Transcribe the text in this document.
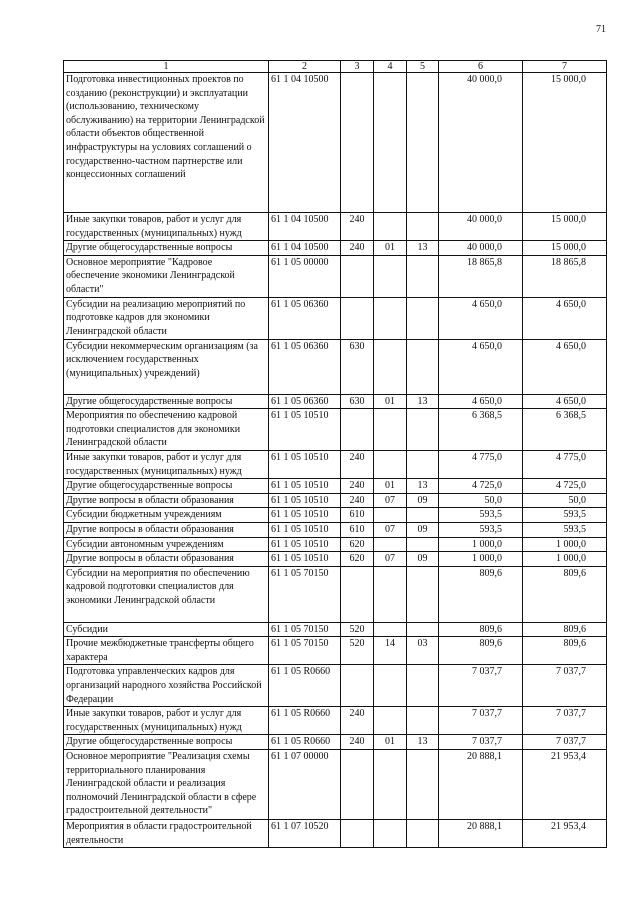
71
1	2	3	4	5	6	7
Подготовка инвестиционных проектов по созданию (реконструкции) и эксплуатации (использованию, техническому обслуживанию) на территории Ленинградской области объектов общественной инфраструктуры на условиях соглашений о государственно-частном партнерстве или концессионных соглашений	61 1 04 10500				40 000,0	15 000,0
Иные закупки товаров, работ и услуг для государственных (муниципальных) нужд	61 1 04 10500	240			40 000,0	15 000,0
Другие общегосударственные вопросы	61 1 04 10500	240	01	13	40 000,0	15 000,0
Основное мероприятие "Кадровое обеспечение экономики Ленинградской области"	61 1 05 00000				18 865,8	18 865,8
Субсидии на реализацию мероприятий по подготовке кадров для экономики Ленинградской области	61 1 05 06360				4 650,0	4 650,0
Субсидии некоммерческим организациям (за исключением государственных (муниципальных) учреждений)	61 1 05 06360	630			4 650,0	4 650,0
Другие общегосударственные вопросы	61 1 05 06360	630	01	13	4 650,0	4 650,0
Мероприятия по обеспечению кадровой подготовки специалистов для экономики Ленинградской области	61 1 05 10510				6 368,5	6 368,5
Иные закупки товаров, работ и услуг для государственных (муниципальных) нужд	61 1 05 10510	240			4 775,0	4 775,0
Другие общегосударственные вопросы	61 1 05 10510	240	01	13	4 725,0	4 725,0
Другие вопросы в области образования	61 1 05 10510	240	07	09	50,0	50,0
Субсидии бюджетным учреждениям	61 1 05 10510	610			593,5	593,5
Другие вопросы в области образования	61 1 05 10510	610	07	09	593,5	593,5
Субсидии автономным учреждениям	61 1 05 10510	620			1 000,0	1 000,0
Другие вопросы в области образования	61 1 05 10510	620	07	09	1 000,0	1 000,0
Субсидии на мероприятия по обеспечению кадровой подготовки специалистов для экономики Ленинградской области	61 1 05 70150				809,6	809,6
Субсидии	61 1 05 70150	520			809,6	809,6
Прочие межбюджетные трансферты общего характера	61 1 05 70150	520	14	03	809,6	809,6
Подготовка управленческих кадров для организаций народного хозяйства Российской Федерации	61 1 05 R0660				7 037,7	7 037,7
Иные закупки товаров, работ и услуг для государственных (муниципальных) нужд	61 1 05 R0660	240			7 037,7	7 037,7
Другие общегосударственные вопросы	61 1 05 R0660	240	01	13	7 037,7	7 037,7
Основное мероприятие "Реализация схемы территориального планирования Ленинградской области и реализация полномочий Ленинградской области в сфере градостроительной деятельности"	61 1 07 00000				20 888,1	21 953,4
Мероприятия в области градостроительной деятельности	61 1 07 10520				20 888,1	21 953,4
